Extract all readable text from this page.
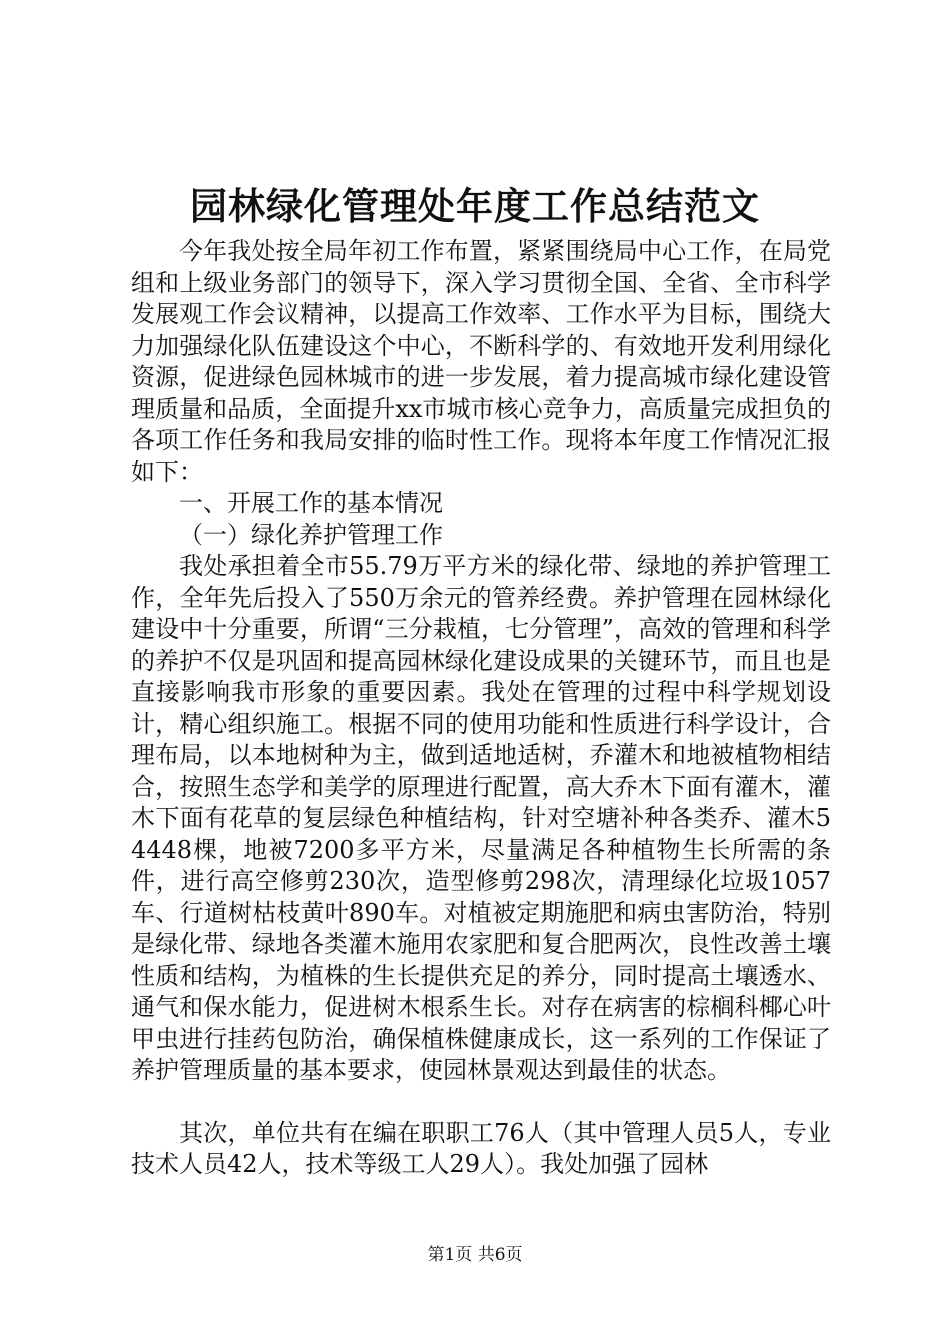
园林绿化管理处年度工作总结范文

今年我处按全局年初工作布置，紧紧围绕局中心工作，在局党组和上级业务部门的领导下，深入学习贯彻全国、全省、全市科学发展观工作会议精神，以提高工作效率、工作水平为目标，围绕大力加强绿化队伍建设这个中心，不断科学的、有效地开发利用绿化资源，促进绿色园林城市的进一步发展，着力提高城市绿化建设管理质量和品质，全面提升xx市城市核心竞争力，高质量完成担负的各项工作任务和我局安排的临时性工作。现将本年度工作情况汇报如下：

一、开展工作的基本情况

（一）绿化养护管理工作

我处承担着全市55.79万平方米的绿化带、绿地的养护管理工作，全年先后投入了550万余元的管养经费。养护管理在园林绿化建设中十分重要，所谓“三分栽植，七分管理”，高效的管理和科学的养护不仅是巩固和提高园林绿化建设成果的关键环节，而且也是直接影响我市形象的重要因素。我处在管理的过程中科学规划设计，精心组织施工。根据不同的使用功能和性质进行科学设计，合理布局，以本地树种为主，做到适地适树，乔灌木和地被植物相结合，按照生态学和美学的原理进行配置，高大乔木下面有灌木，灌木下面有花草的复层绿色种植结构，针对空塘补种各类乔、灌木54448棵，地被7200多平方米，尽量满足各种植物生长所需的条件，进行高空修剪230次，造型修剪298次，清理绿化垃圾1057车、行道树枯枝黄叶890车。对植被定期施肥和病虫害防治，特别是绿化带、绿地各类灌木施用农家肥和复合肥两次，良性改善土壤性质和结构，为植株的生长提供充足的养分，同时提高土壤透水、通气和保水能力，促进树木根系生长。对存在病害的棕榈科椰心叶甲虫进行挂药包防治，确保植株健康成长，这一系列的工作保证了养护管理质量的基本要求，使园林景观达到最佳的状态。

其次，单位共有在编在职职工76人（其中管理人员5人，专业技术人员42人，技术等级工人29人）。我处加强了园林

第1页 共6页
